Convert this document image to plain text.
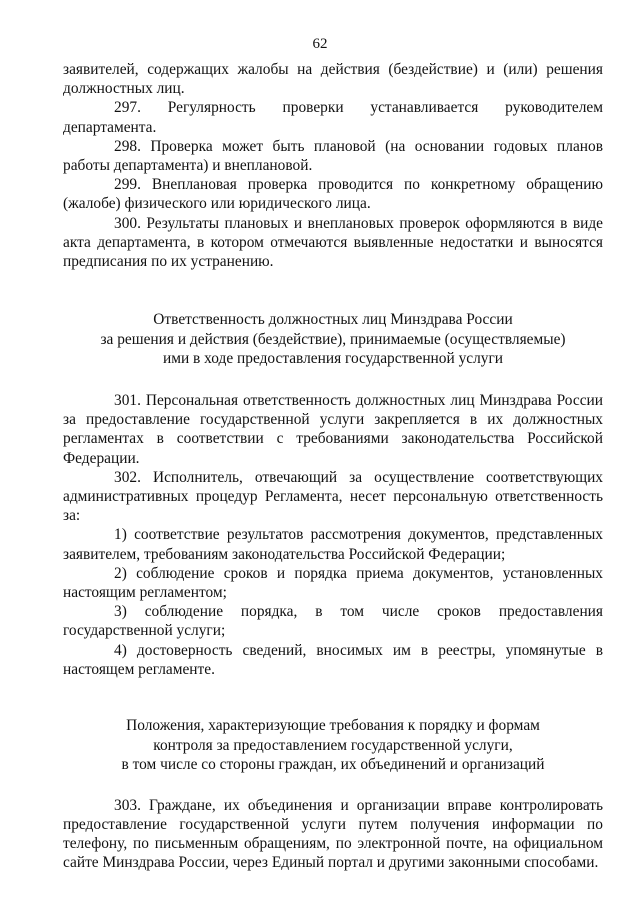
62

заявителей, содержащих жалобы на действия (бездействие) и (или) решения должностных лиц.

297. Регулярность проверки устанавливается руководителем департамента.

298. Проверка может быть плановой (на основании годовых планов работы департамента) и внеплановой.

299. Внеплановая проверка проводится по конкретному обращению (жалобе) физического или юридического лица.

300. Результаты плановых и внеплановых проверок оформляются в виде акта департамента, в котором отмечаются выявленные недостатки и выносятся предписания по их устранению.

Ответственность должностных лиц Минздрава России
за решения и действия (бездействие), принимаемые (осуществляемые)
ими в ходе предоставления государственной услуги

301. Персональная ответственность должностных лиц Минздрава России за предоставление государственной услуги закрепляется в их должностных регламентах в соответствии с требованиями законодательства Российской Федерации.

302. Исполнитель, отвечающий за осуществление соответствующих административных процедур Регламента, несет персональную ответственность за:

1) соответствие результатов рассмотрения документов, представленных заявителем, требованиям законодательства Российской Федерации;

2) соблюдение сроков и порядка приема документов, установленных настоящим регламентом;

3) соблюдение порядка, в том числе сроков предоставления государственной услуги;

4) достоверность сведений, вносимых им в реестры, упомянутые в настоящем регламенте.

Положения, характеризующие требования к порядку и формам
контроля за предоставлением государственной услуги,
в том числе со стороны граждан, их объединений и организаций

303. Граждане, их объединения и организации вправе контролировать предоставление государственной услуги путем получения информации по телефону, по письменным обращениям, по электронной почте, на официальном сайте Минздрава России, через Единый портал и другими законными способами.
